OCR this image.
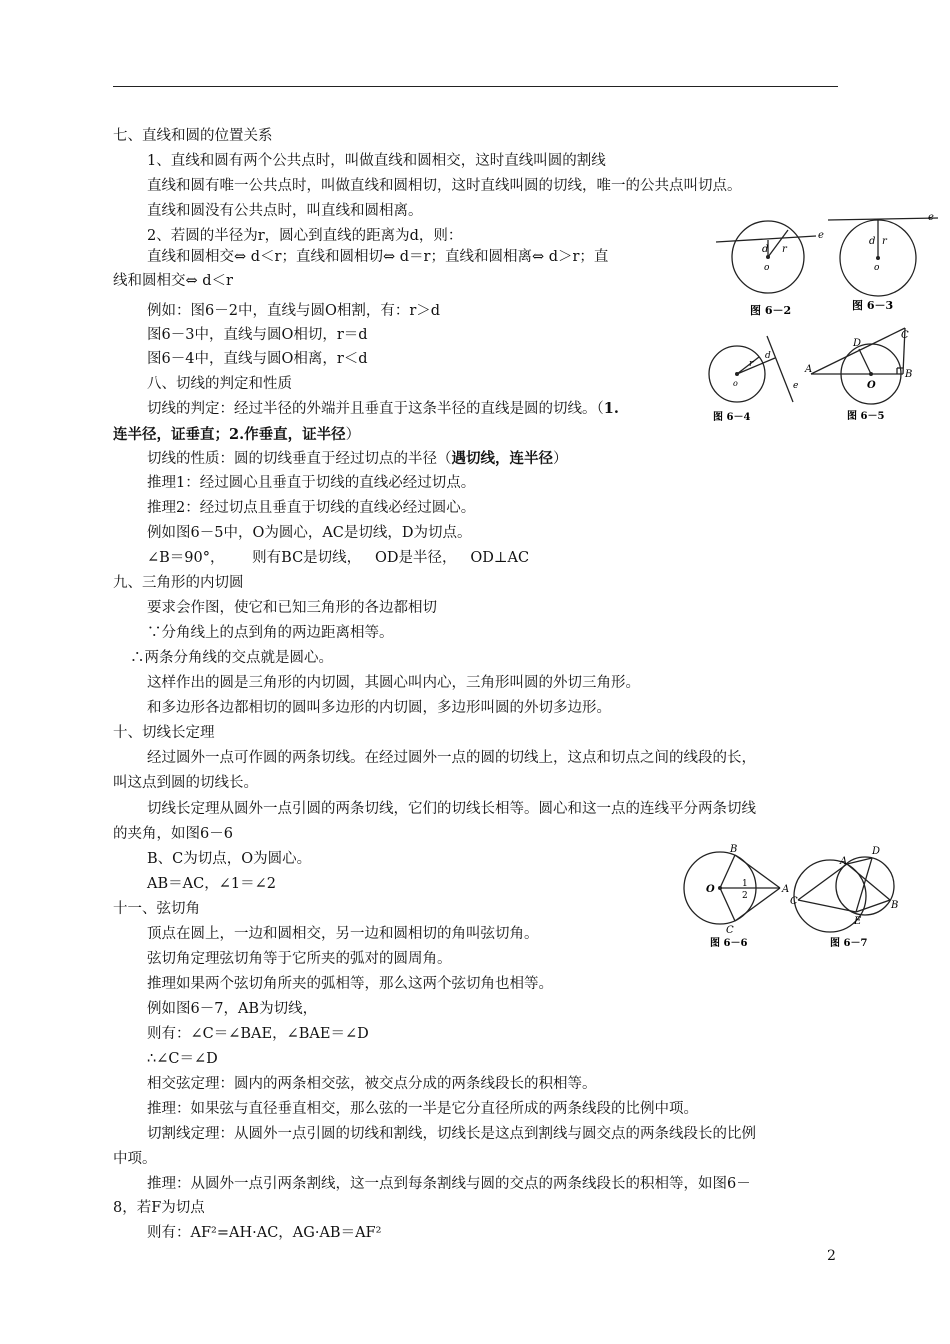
七、直线和圆的位置关系
1、直线和圆有两个公共点时，叫做直线和圆相交，这时直线叫圆的割线
直线和圆有唯一公共点时，叫做直线和圆相切，这时直线叫圆的切线，唯一的公共点叫切点。
直线和圆没有公共点时，叫直线和圆相离。
2、若圆的半径为r，圆心到直线的距离为d，则：
直线和圆相交⇔ d＜r；直线和圆相切⇔ d＝r；直线和圆相离⇔ d＞r；直
线和圆相交⇔ d＜r
例如：图6－2中，直线与圆O相割，有：r＞d
图6－3中，直线与圆O相切，r＝d
图6－4中，直线与圆O相离，r＜d
八、切线的判定和性质
切线的判定：经过半径的外端并且垂直于这条半径的直线是圆的切线。（1.
连半径，证垂直；2.作垂直，证半径）
切线的性质：圆的切线垂直于经过切点的半径（遇切线，连半径）
推理1：经过圆心且垂直于切线的直线必经过切点。
推理2：经过切点且垂直于切线的直线必经过圆心。
例如图6－5中，O为圆心，AC是切线，D为切点。
∠B＝90°，      则有BC是切线，   OD是半径，   OD⊥AC
九、三角形的内切圆
要求会作图，使它和已知三角形的各边都相切
∵分角线上的点到角的两边距离相等。
∴两条分角线的交点就是圆心。
这样作出的圆是三角形的内切圆，其圆心叫内心，三角形叫圆的外切三角形。
和多边形各边都相切的圆叫多边形的内切圆，多边形叫圆的外切多边形。
十、切线长定理
经过圆外一点可作圆的两条切线。在经过圆外一点的圆的切线上，这点和切点之间的线段的长，
叫这点到圆的切线长。
切线长定理从圆外一点引圆的两条切线，它们的切线长相等。圆心和这一点的连线平分两条切线
的夹角，如图6－6
B、C为切点，O为圆心。
AB＝AC，∠1＝∠2
十一、弦切角
顶点在圆上，一边和圆相交，另一边和圆相切的角叫弦切角。
弦切角定理弦切角等于它所夹的弧对的圆周角。
推理如果两个弦切角所夹的弧相等，那么这两个弦切角也相等。
例如图6－7，AB为切线，
则有：∠C＝∠BAE，∠BAE＝∠D
∴∠C＝∠D
相交弦定理：圆内的两条相交弦，被交点分成的两条线段长的积相等。
推理：如果弦与直径垂直相交，那么弦的一半是它分直径所成的两条线段的比例中项。
切割线定理：从圆外一点引圆的切线和割线，切线长是这点到割线与圆交点的两条线段长的比例
中项。
推理：从圆外一点引两条割线，这一点到每条割线与圆的交点的两条线段长的积相等，如图6－
8，若F为切点
则有：AF²=AH·AC，AG·AB＝AF²
2
d r
o
e
d r
o
e
图 6－2	图 6－3
d
r
o	e
A
D
C
O
B
图 6－4	图 6－5
B
O	1
2
A
C
A
D
C
E
B
图 6－6	图 6－7
